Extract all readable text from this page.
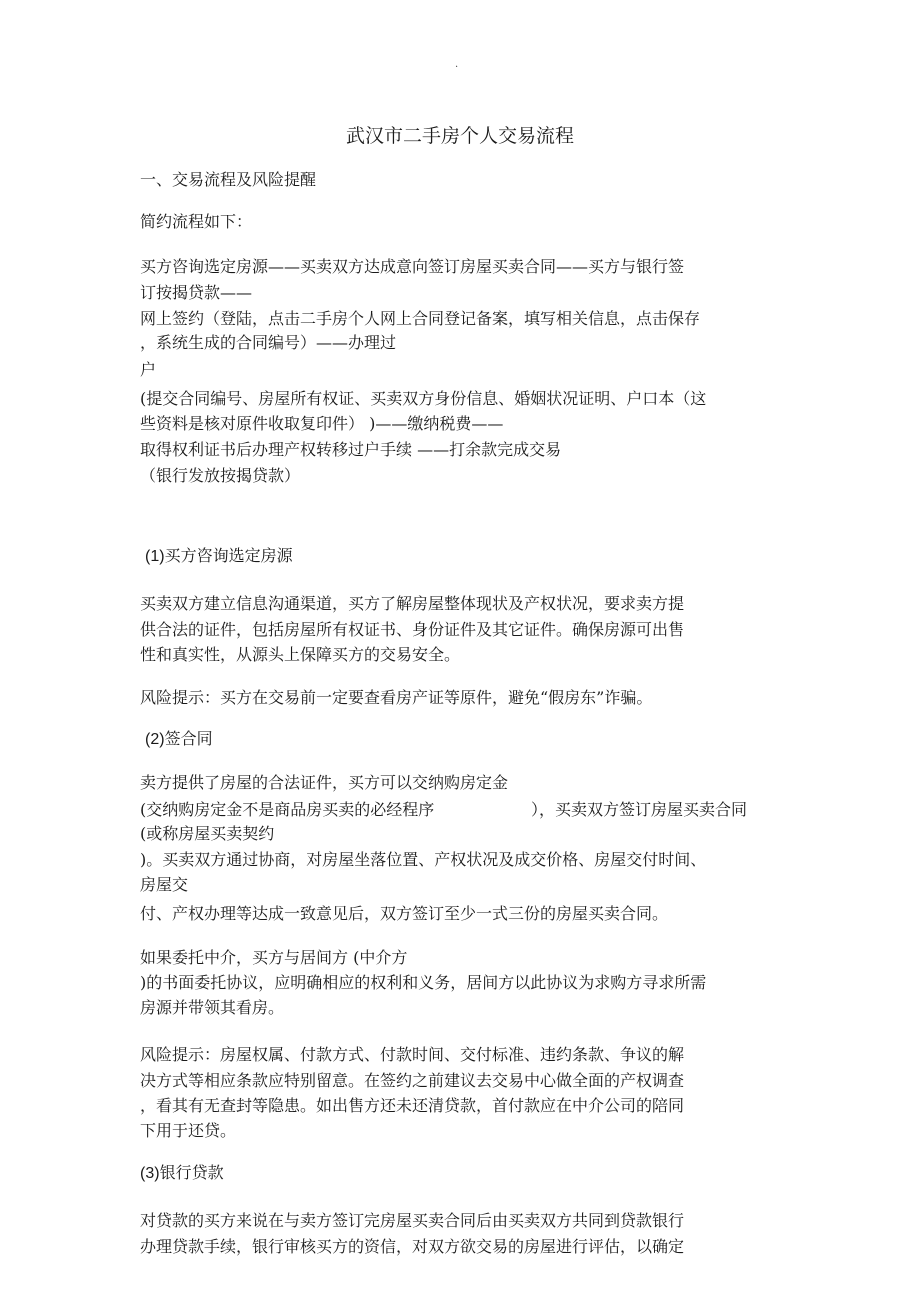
.
武汉市二手房个人交易流程

一、交易流程及风险提醒

简约流程如下：

买方咨询选定房源——买卖双方达成意向签订房屋买卖合同——买方与银行签

订按揭贷款——

网上签约（登陆，点击二手房个人网上合同登记备案，填写相关信息，点击保存

，系统生成的合同编号）——办理过

户

(提交合同编号、房屋所有权证、买卖双方身份信息、婚姻状况证明、户口本（这

些资料是核对原件收取复印件） )——缴纳税费——

取得权利证书后办理产权转移过户手续 ——打余款完成交易

（银行发放按揭贷款）

(1)买方咨询选定房源

买卖双方建立信息沟通渠道，买方了解房屋整体现状及产权状况，要求卖方提

供合法的证件，包括房屋所有权证书、身份证件及其它证件。确保房源可出售

性和真实性，从源头上保障买方的交易安全。

风险提示：买方在交易前一定要查看房产证等原件，避免“假房东”诈骗。

(2)签合同

卖方提供了房屋的合法证件，买方可以交纳购房定金

(交纳购房定金不是商品房买卖的必经程序	），买卖双方签订房屋买卖合同

(或称房屋买卖契约

)。买卖双方通过协商，对房屋坐落位置、产权状况及成交价格、房屋交付时间、

房屋交

付、产权办理等达成一致意见后，双方签订至少一式三份的房屋买卖合同。

如果委托中介，买方与居间方 (中介方

)的书面委托协议，应明确相应的权利和义务，居间方以此协议为求购方寻求所需

房源并带领其看房。

风险提示：房屋权属、付款方式、付款时间、交付标准、违约条款、争议的解

决方式等相应条款应特别留意。在签约之前建议去交易中心做全面的产权调查

，看其有无查封等隐患。如出售方还未还清贷款，首付款应在中介公司的陪同

下用于还贷。

(3)银行贷款

对贷款的买方来说在与卖方签订完房屋买卖合同后由买卖双方共同到贷款银行

办理贷款手续，银行审核买方的资信，对双方欲交易的房屋进行评估，以确定
